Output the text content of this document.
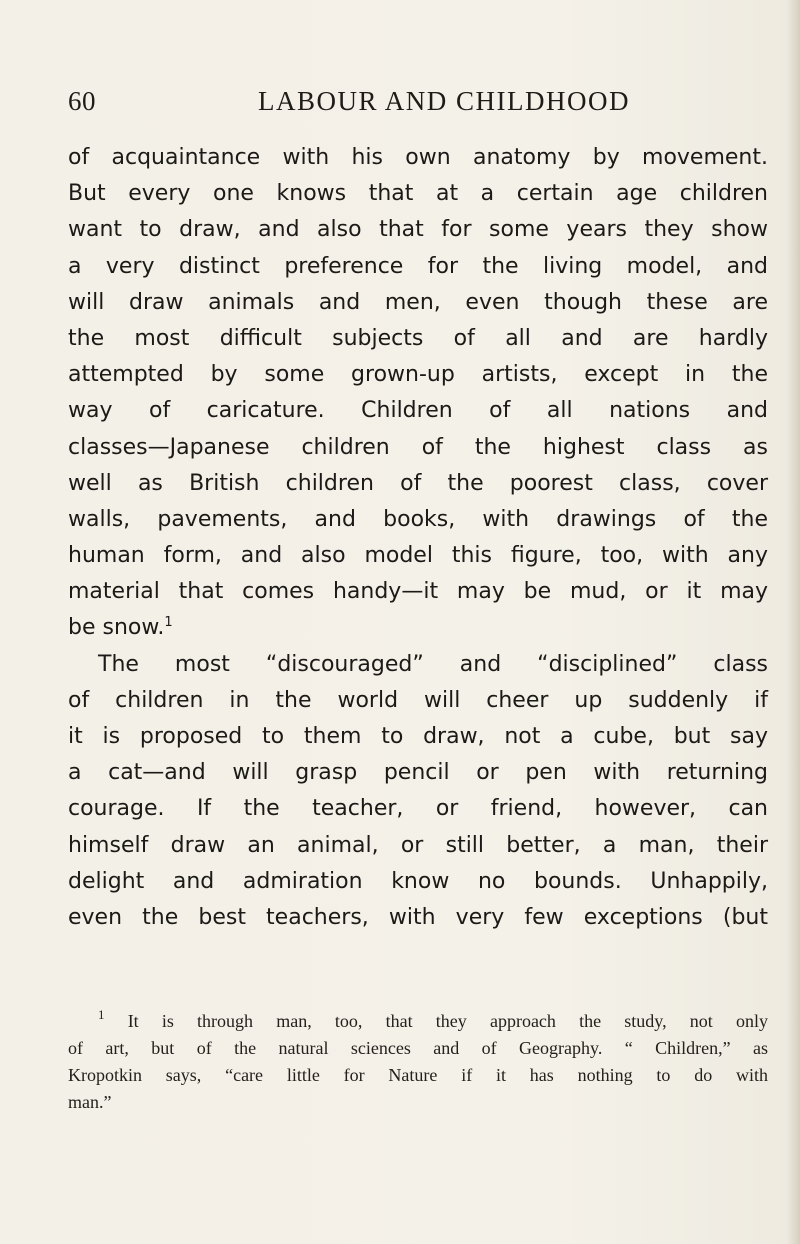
60	LABOUR AND CHILDHOOD
of acquaintance with his own anatomy by movement.
But every one knows that at a certain age children
want to draw, and also that for some years they show
a very distinct preference for the living model, and
will draw animals and men, even though these are
the most difficult subjects of all and are hardly
attempted by some grown-up artists, except in the
way of caricature. Children of all nations and
classes—Japanese children of the highest class as
well as British children of the poorest class, cover
walls, pavements, and books, with drawings of the
human form, and also model this figure, too, with any
material that comes handy—it may be mud, or it may
be snow.$^1$
The most “discouraged” and “disciplined” class
of children in the world will cheer up suddenly if
it is proposed to them to draw, not a cube, but say
a cat—and will grasp pencil or pen with returning
courage. If the teacher, or friend, however, can
himself draw an animal, or still better, a man, their
delight and admiration know no bounds. Unhappily,
even the best teachers, with very few exceptions (but
$^1$ It is through man, too, that they approach the study, not only
of art, but of the natural sciences and of Geography. “ Children,” as
Kropotkin says, “care little for Nature if it has nothing to do with
man.”
